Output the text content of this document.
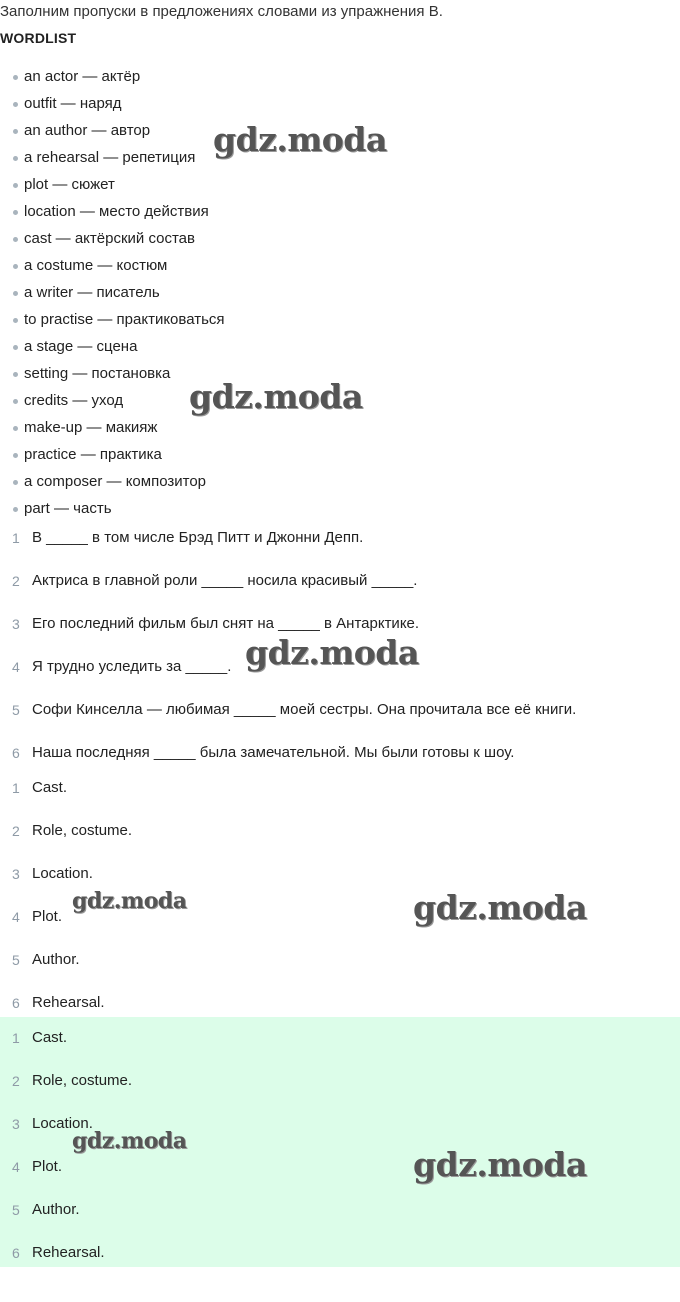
Заполним пропуски в предложениях словами из упражнения B.
WORDLIST
an actor — актёр
outfit — наряд
an author — автор
a rehearsal — репетиция
plot — сюжет
location — место действия
cast — актёрский состав
a costume — костюм
a writer — писатель
to practise — практиковаться
a stage — сцена
setting — постановка
credits — уход
make-up — макияж
practice — практика
a composer — композитор
part — часть
1 В _____ в том числе Брэд Питт и Джонни Депп.
2 Актриса в главной роли _____ носила красивый _____.
3 Его последний фильм был снят на _____ в Антарктике.
4 Я трудно уследить за _____.
5 Софи Кинселла — любимая _____ моей сестры. Она прочитала все её книги.
6 Наша последняя _____ была замечательной. Мы были готовы к шоу.
1 Cast.
2 Role, costume.
3 Location.
4 Plot.
5 Author.
6 Rehearsal.
1 Cast.
2 Role, costume.
3 Location.
4 Plot.
5 Author.
6 Rehearsal.
gdz.moda
gdz.moda
gdz.moda
gdz.moda	gdz.moda
gdz.moda
gdz.moda
